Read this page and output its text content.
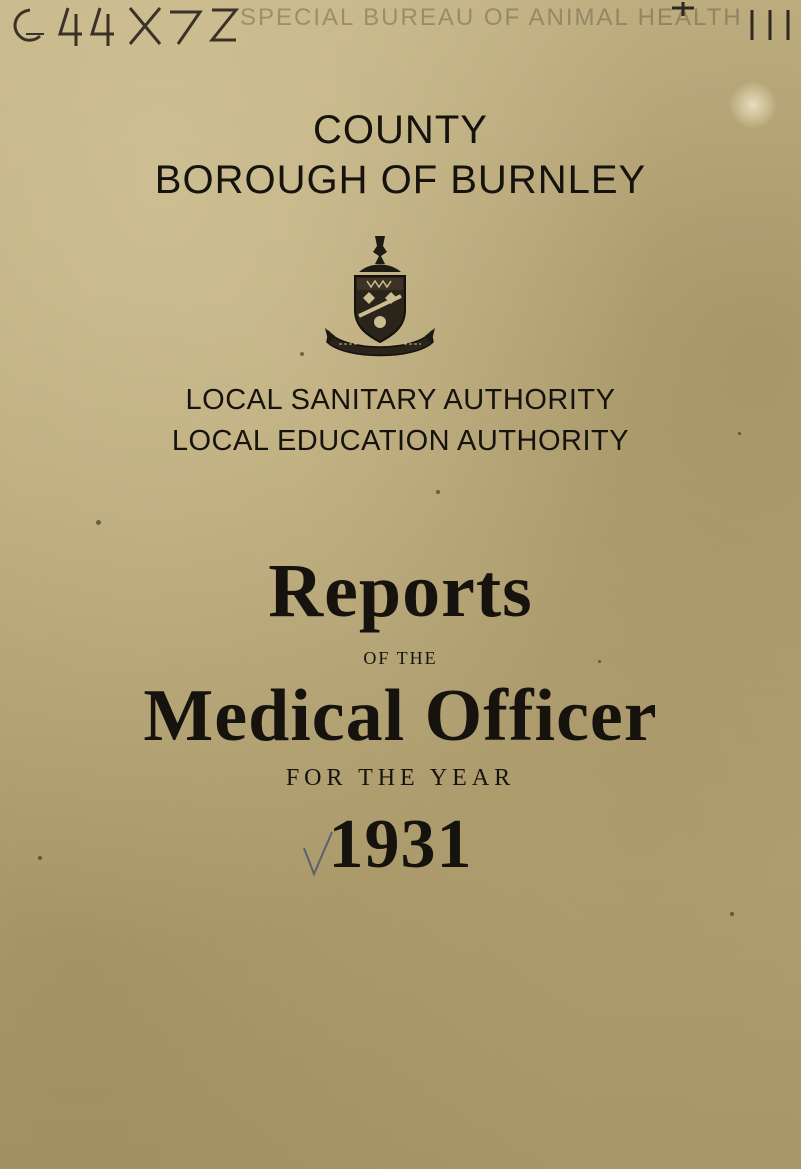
SPECIAL BUREAU OF ANIMAL HEALTH
COUNTY
BOROUGH OF BURNLEY
LOCAL SANITARY AUTHORITY
LOCAL EDUCATION AUTHORITY
Reports
OF THE
Medical Officer
FOR THE YEAR
1931
